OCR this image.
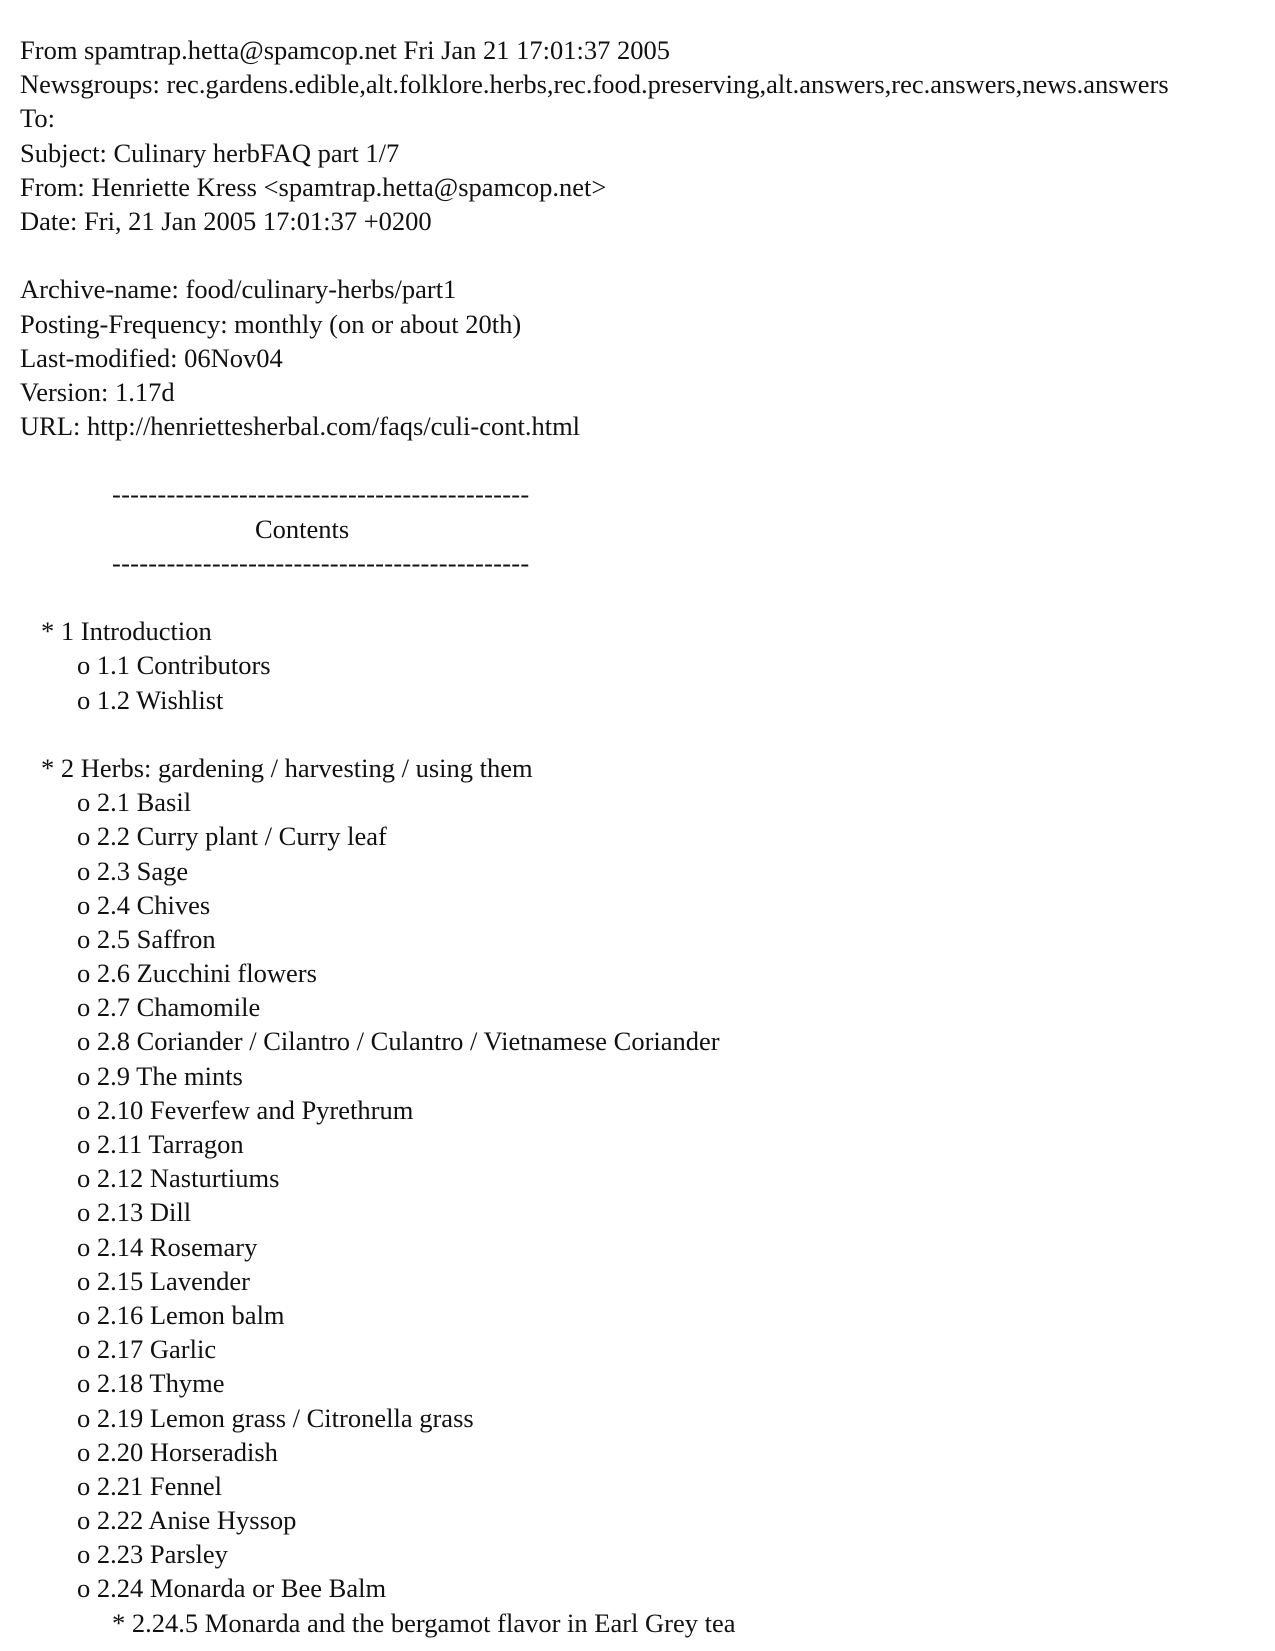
From spamtrap.hetta@spamcop.net Fri Jan 21 17:01:37 2005
Newsgroups: rec.gardens.edible,alt.folklore.herbs,rec.food.preserving,alt.answers,rec.answers,news.answers
To:
Subject: Culinary herbFAQ part 1/7
From: Henriette Kress <spamtrap.hetta@spamcop.net>
Date: Fri, 21 Jan 2005 17:01:37 +0200
Archive-name: food/culinary-herbs/part1
Posting-Frequency: monthly (on or about 20th)
Last-modified: 06Nov04
Version: 1.17d
URL: http://henriettesherbal.com/faqs/culi-cont.html
----------------------------------------------
Contents
----------------------------------------------
* 1 Introduction
o 1.1 Contributors
o 1.2 Wishlist
* 2 Herbs: gardening / harvesting / using them
o 2.1 Basil
o 2.2 Curry plant / Curry leaf
o 2.3 Sage
o 2.4 Chives
o 2.5 Saffron
o 2.6 Zucchini flowers
o 2.7 Chamomile
o 2.8 Coriander / Cilantro / Culantro / Vietnamese Coriander
o 2.9 The mints
o 2.10 Feverfew and Pyrethrum
o 2.11 Tarragon
o 2.12 Nasturtiums
o 2.13 Dill
o 2.14 Rosemary
o 2.15 Lavender
o 2.16 Lemon balm
o 2.17 Garlic
o 2.18 Thyme
o 2.19 Lemon grass / Citronella grass
o 2.20 Horseradish
o 2.21 Fennel
o 2.22 Anise Hyssop
o 2.23 Parsley
o 2.24 Monarda or Bee Balm
* 2.24.5 Monarda and the bergamot flavor in Earl Grey tea
